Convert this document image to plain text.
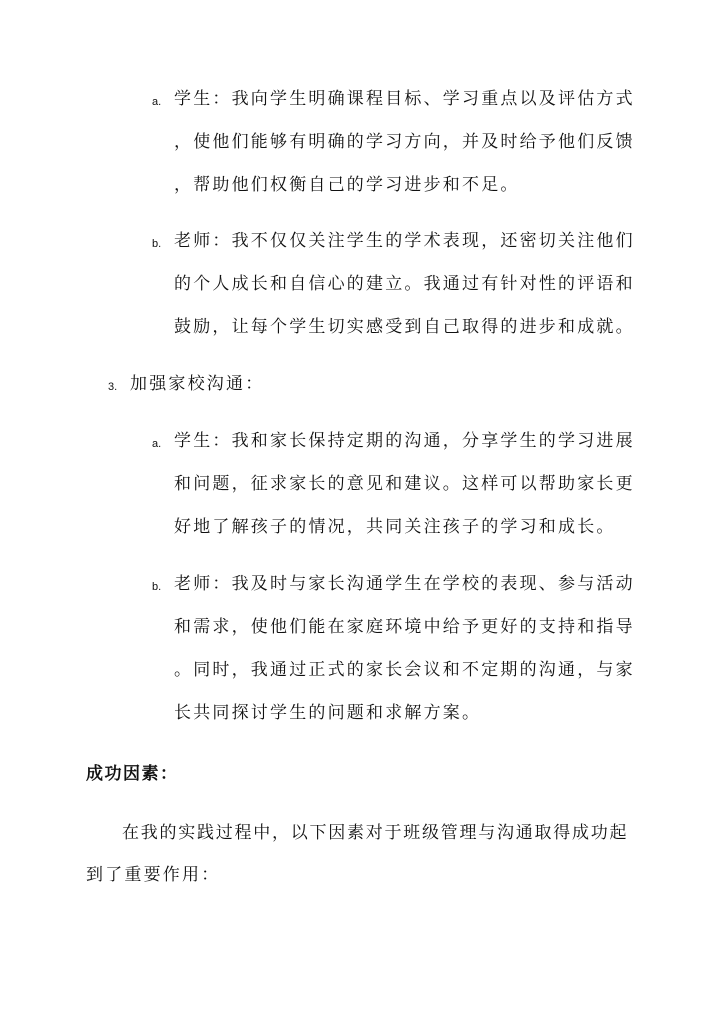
a. 学生：我向学生明确课程目标、学习重点以及评估方式
，使他们能够有明确的学习方向，并及时给予他们反馈
，帮助他们权衡自己的学习进步和不足。
b. 老师：我不仅仅关注学生的学术表现，还密切关注他们
的个人成长和自信心的建立。我通过有针对性的评语和
鼓励，让每个学生切实感受到自己取得的进步和成就。
3. 加强家校沟通：
a. 学生：我和家长保持定期的沟通，分享学生的学习进展
和问题，征求家长的意见和建议。这样可以帮助家长更
好地了解孩子的情况，共同关注孩子的学习和成长。
b. 老师：我及时与家长沟通学生在学校的表现、参与活动
和需求，使他们能在家庭环境中给予更好的支持和指导
。同时，我通过正式的家长会议和不定期的沟通，与家
长共同探讨学生的问题和求解方案。
成功因素：
在我的实践过程中，以下因素对于班级管理与沟通取得成功起
到了重要作用：
